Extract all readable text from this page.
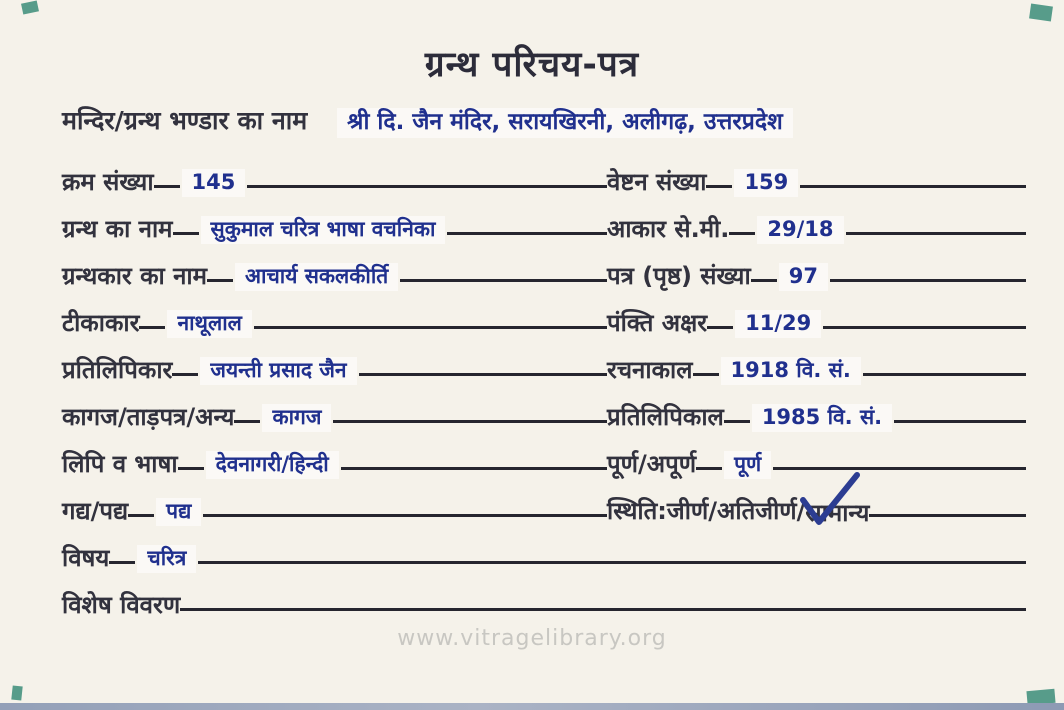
ग्रन्थ परिचय-पत्र
मन्दिर/ग्रन्थ भण्डार का नाम	श्री दि. जैन मंदिर, सरायखिरनी, अलीगढ़, उत्तरप्रदेश
क्रम संख्या	145	वेष्टन संख्या	159
ग्रन्थ का नाम	सुकुमाल चरित्र भाषा वचनिका	आकार से.मी.	29/18
ग्रन्थकार का नाम	आचार्य सकलकीर्ति	पत्र (पृष्ठ) संख्या	97
टीकाकार	नाथूलाल	पंक्ति अक्षर	11/29
प्रतिलिपिकार	जयन्ती प्रसाद जैन	रचनाकाल	1918 वि. सं.
कागज/ताड़पत्र/अन्य	कागज	प्रतिलिपिकाल	1985 वि. सं.
लिपि व भाषा	देवनागरी/हिन्दी	पूर्ण/अपूर्ण	पूर्ण
गद्य/पद्य	पद्य	स्थिति:जीर्ण/अतिजीर्ण/ सामान्य
विषय	चरित्र
विशेष विवरण
www.vitragelibrary.org
